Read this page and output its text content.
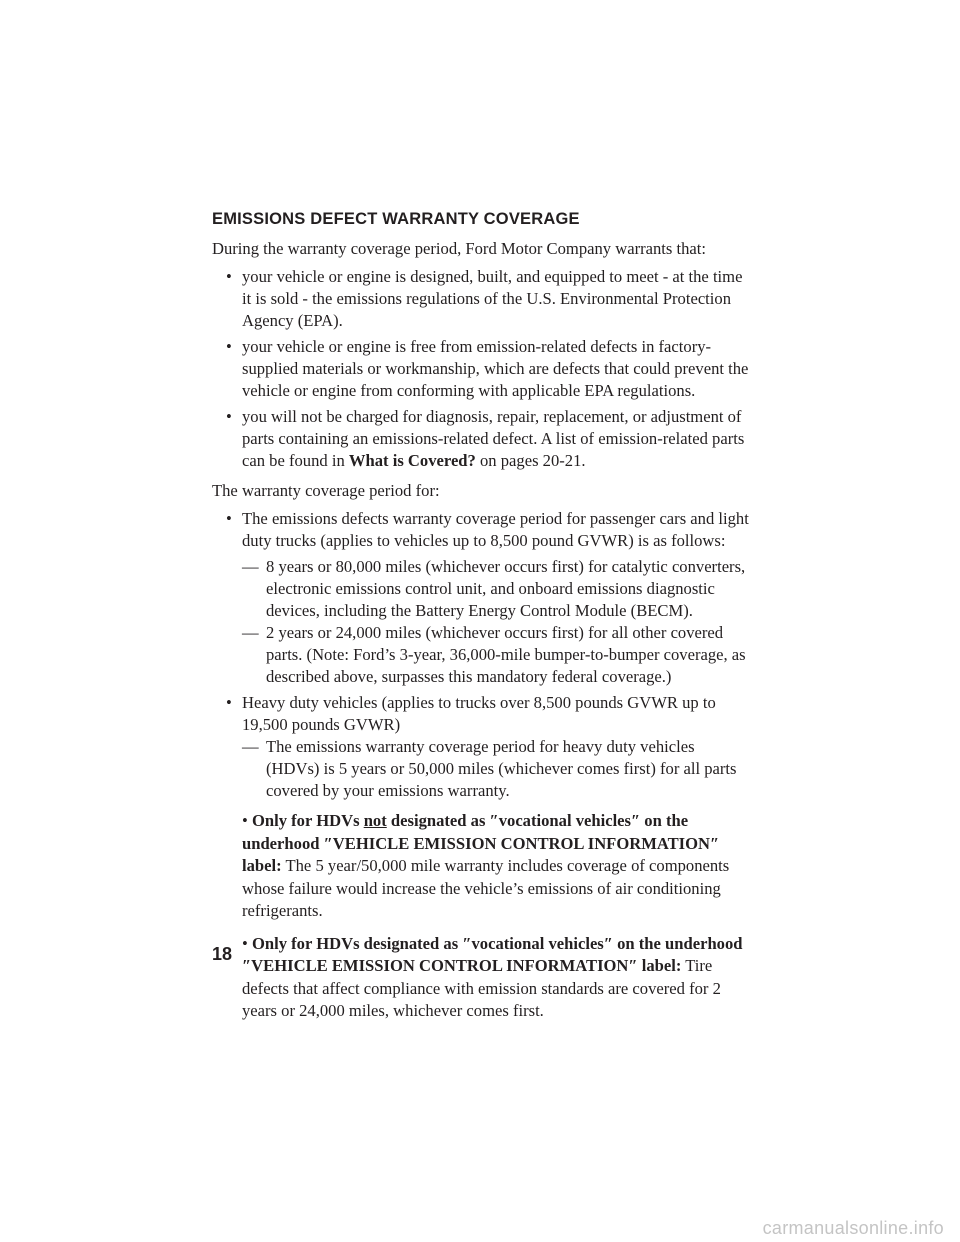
EMISSIONS DEFECT WARRANTY COVERAGE

During the warranty coverage period, Ford Motor Company warrants that:

• your vehicle or engine is designed, built, and equipped to meet - at the time it is sold - the emissions regulations of the U.S. Environmental Protection Agency (EPA).
• your vehicle or engine is free from emission-related defects in factory-supplied materials or workmanship, which are defects that could prevent the vehicle or engine from conforming with applicable EPA regulations.
• you will not be charged for diagnosis, repair, replacement, or adjustment of parts containing an emissions-related defect. A list of emission-related parts can be found in What is Covered? on pages 20-21.

The warranty coverage period for:

• The emissions defects warranty coverage period for passenger cars and light duty trucks (applies to vehicles up to 8,500 pound GVWR) is as follows:
— 8 years or 80,000 miles (whichever occurs first) for catalytic converters, electronic emissions control unit, and onboard emissions diagnostic devices, including the Battery Energy Control Module (BECM).
— 2 years or 24,000 miles (whichever occurs first) for all other covered parts. (Note: Ford’s 3-year, 36,000-mile bumper-to-bumper coverage, as described above, surpasses this mandatory federal coverage.)
• Heavy duty vehicles (applies to trucks over 8,500 pounds GVWR up to 19,500 pounds GVWR)
— The emissions warranty coverage period for heavy duty vehicles (HDVs) is 5 years or 50,000 miles (whichever comes first) for all parts covered by your emissions warranty.
• Only for HDVs not designated as ″vocational vehicles″ on the underhood ″VEHICLE EMISSION CONTROL INFORMATION″ label: The 5 year/50,000 mile warranty includes coverage of components whose failure would increase the vehicle’s emissions of air conditioning refrigerants.
• Only for HDVs designated as ″vocational vehicles″ on the underhood ″VEHICLE EMISSION CONTROL INFORMATION″ label: Tire defects that affect compliance with emission standards are covered for 2 years or 24,000 miles, whichever comes first.
18
carmanualsonline.info
